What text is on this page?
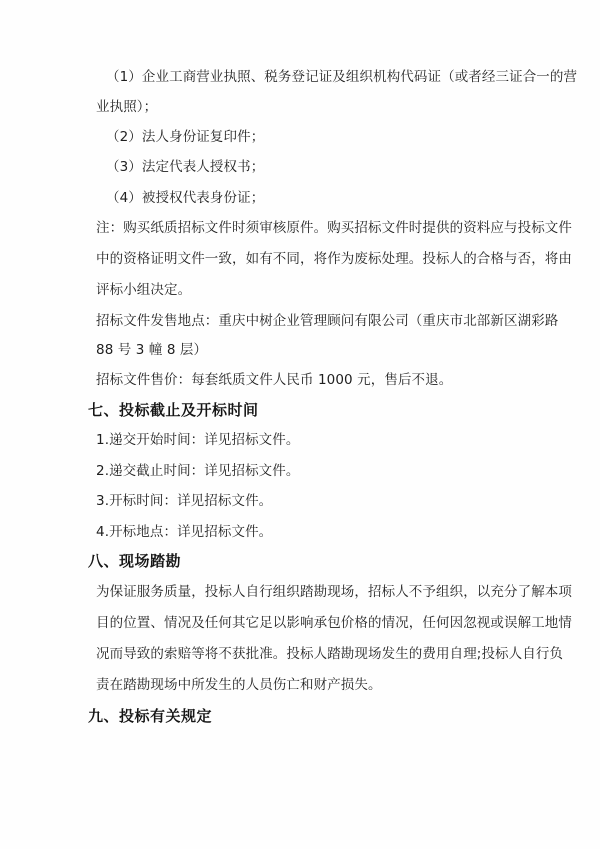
（1）企业工商营业执照、税务登记证及组织机构代码证（或者经三证合一的营
业执照）；
（2）法人身份证复印件；
（3）法定代表人授权书；
（4）被授权代表身份证；
注：购买纸质招标文件时须审核原件。购买招标文件时提供的资料应与投标文件
中的资格证明文件一致，如有不同，将作为废标处理。投标人的合格与否，将由
评标小组决定。
招标文件发售地点：重庆中树企业管理顾问有限公司（重庆市北部新区湖彩路
88 号 3 幢 8 层）
招标文件售价：每套纸质文件人民币 1000 元，售后不退。
七、投标截止及开标时间
1.递交开始时间：详见招标文件。
2.递交截止时间：详见招标文件。
3.开标时间：详见招标文件。
4.开标地点：详见招标文件。
八、现场踏勘
为保证服务质量，投标人自行组织踏勘现场，招标人不予组织，以充分了解本项
目的位置、情况及任何其它足以影响承包价格的情况，任何因忽视或误解工地情
况而导致的索赔等将不获批准。投标人踏勘现场发生的费用自理;投标人自行负
责在踏勘现场中所发生的人员伤亡和财产损失。
九、投标有关规定
